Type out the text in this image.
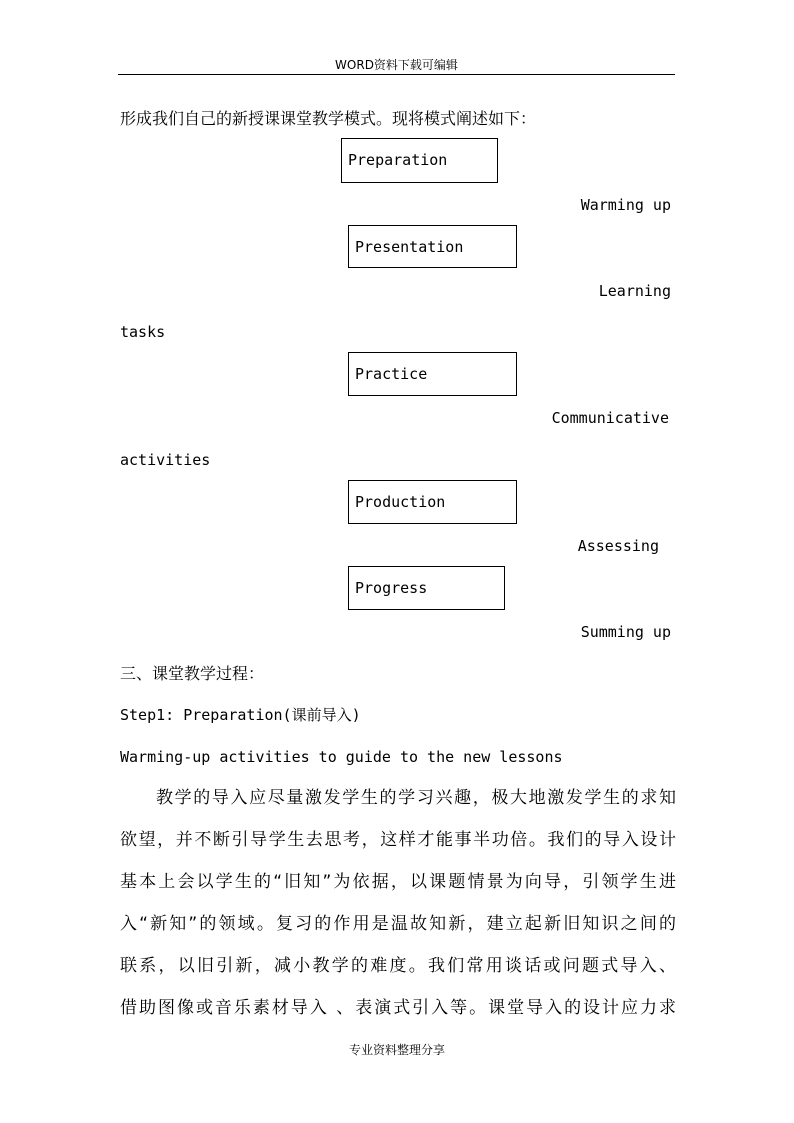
WORD资料下载可编辑
形成我们自己的新授课课堂教学模式。现将模式阐述如下：
Preparation
Warming up
Presentation
Learning
tasks
Practice
Communicative
activities
Production
Assessing
Progress
Summing up
三、课堂教学过程：
Step1: Preparation(课前导入)
Warming-up activities to guide to the new lessons
教学的导入应尽量激发学生的学习兴趣，极大地激发学生的求知
欲望，并不断引导学生去思考，这样才能事半功倍。我们的导入设计
基本上会以学生的“旧知”为依据，以课题情景为向导，引领学生进
入“新知”的领域。复习的作用是温故知新，建立起新旧知识之间的
联系，以旧引新，减小教学的难度。我们常用谈话或问题式导入、
借助图像或音乐素材导入 、表演式引入等。课堂导入的设计应力求
专业资料整理分享
